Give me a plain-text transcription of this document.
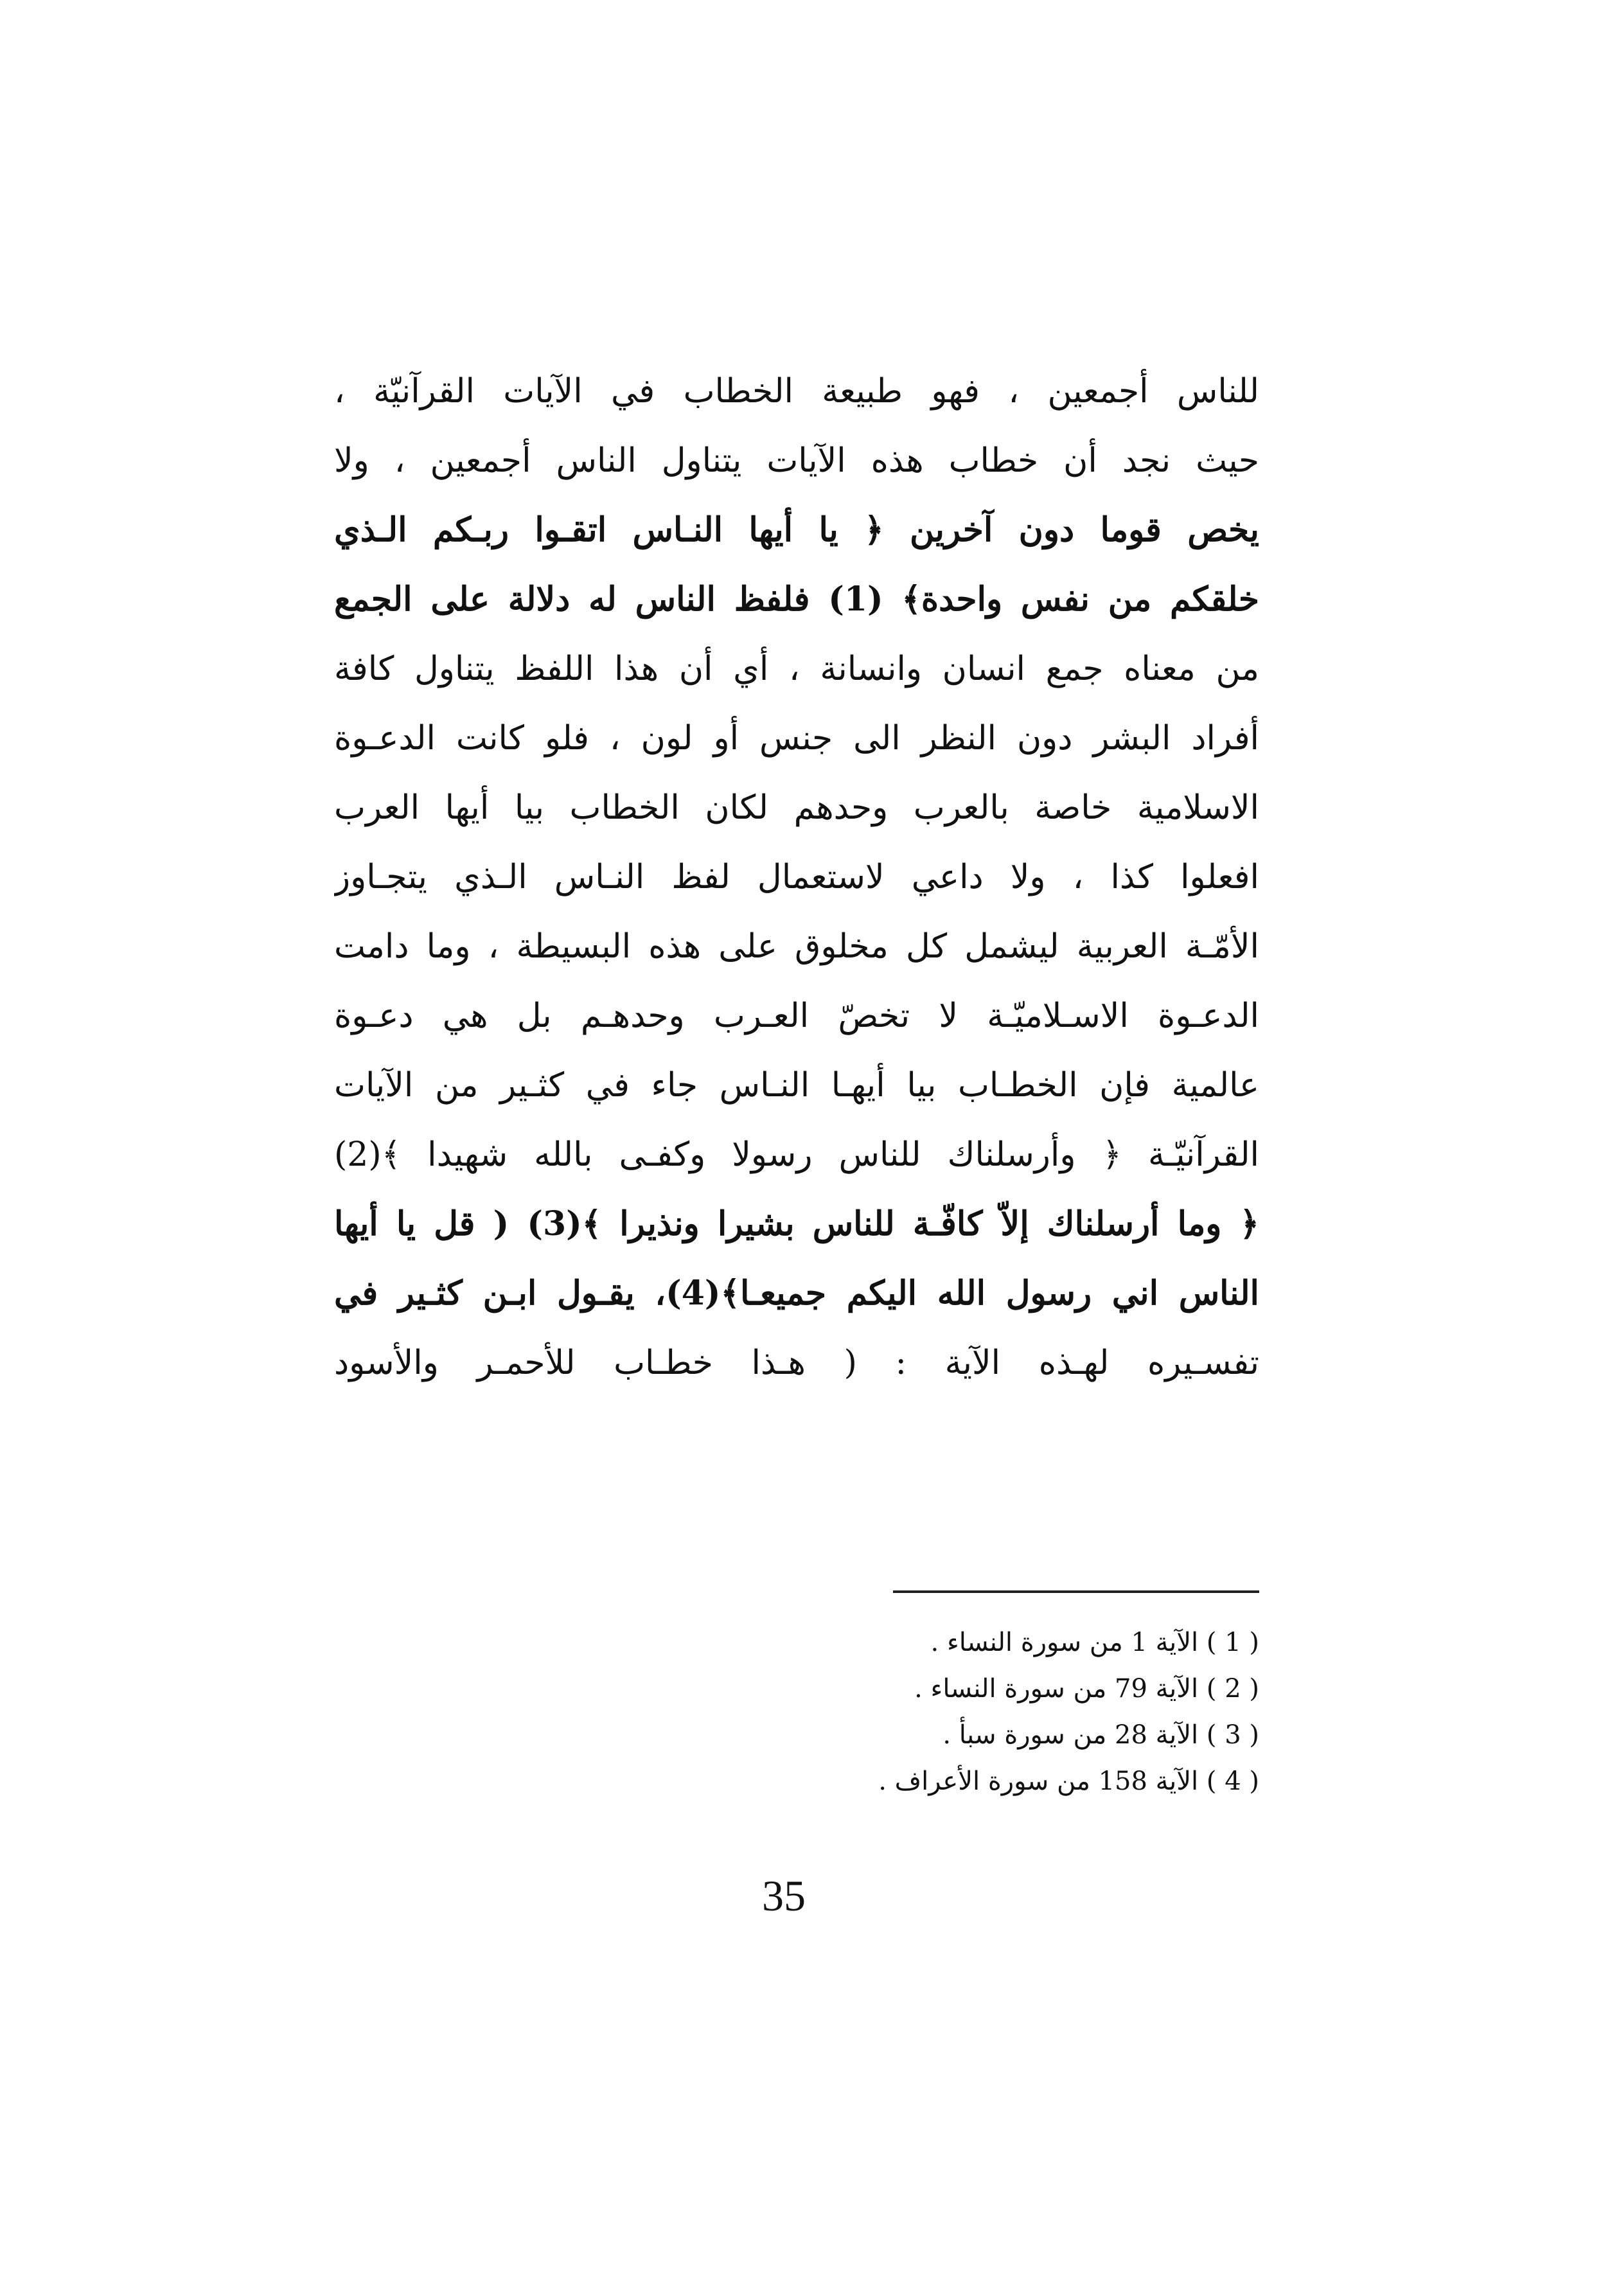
للناس أجمعين ، فهو طبيعة الخطاب في الآيات القرآنيّة ،
حيث نجد أن خطاب هذه الآيات يتناول الناس أجمعين ، ولا
يخص قوما دون آخرين ﴿ يا أيها النـاس اتقـوا ربـكم الـذي
خلقكم من نفس واحدة﴾ (1) فلفظ الناس له دلالة على الجمع
من معناه جمع انسان وانسانة ، أي أن هذا اللفظ يتناول كافة
أفراد البشر دون النظر الى جنس أو لون ، فلو كانت الدعـوة
الاسلامية خاصة بالعرب وحدهم لكان الخطاب بيا أيها العرب
افعلوا كذا ، ولا داعي لاستعمال لفظ النـاس الـذي يتجـاوز
الأمّـة العربية ليشمل كل مخلوق على هذه البسيطة ، وما دامت
الدعـوة الاسـلاميّـة لا تخصّ العـرب وحدهـم بل هي دعـوة
عالمية فإن الخطـاب بيا أيهـا النـاس جاء في كثـير من الآيات
القرآنيّـة ﴿ وأرسلناك للناس رسولا وكفـى بالله شهيدا ﴾(2)
﴿ وما أرسلناك إلاّ كافّـة للناس بشيرا ونذيرا ﴾(3) ( قل يا أيها
الناس اني رسول الله اليكم جميعـا﴾(4)، يقـول ابـن كثـير في
تفسـيره لهـذه الآية : ( هـذا خطـاب للأحمـر والأسود
( 1 ) الآية 1 من سورة النساء .
( 2 ) الآية 79 من سورة النساء .
( 3 ) الآية 28 من سورة سبأ .
( 4 ) الآية 158 من سورة الأعراف .
35
